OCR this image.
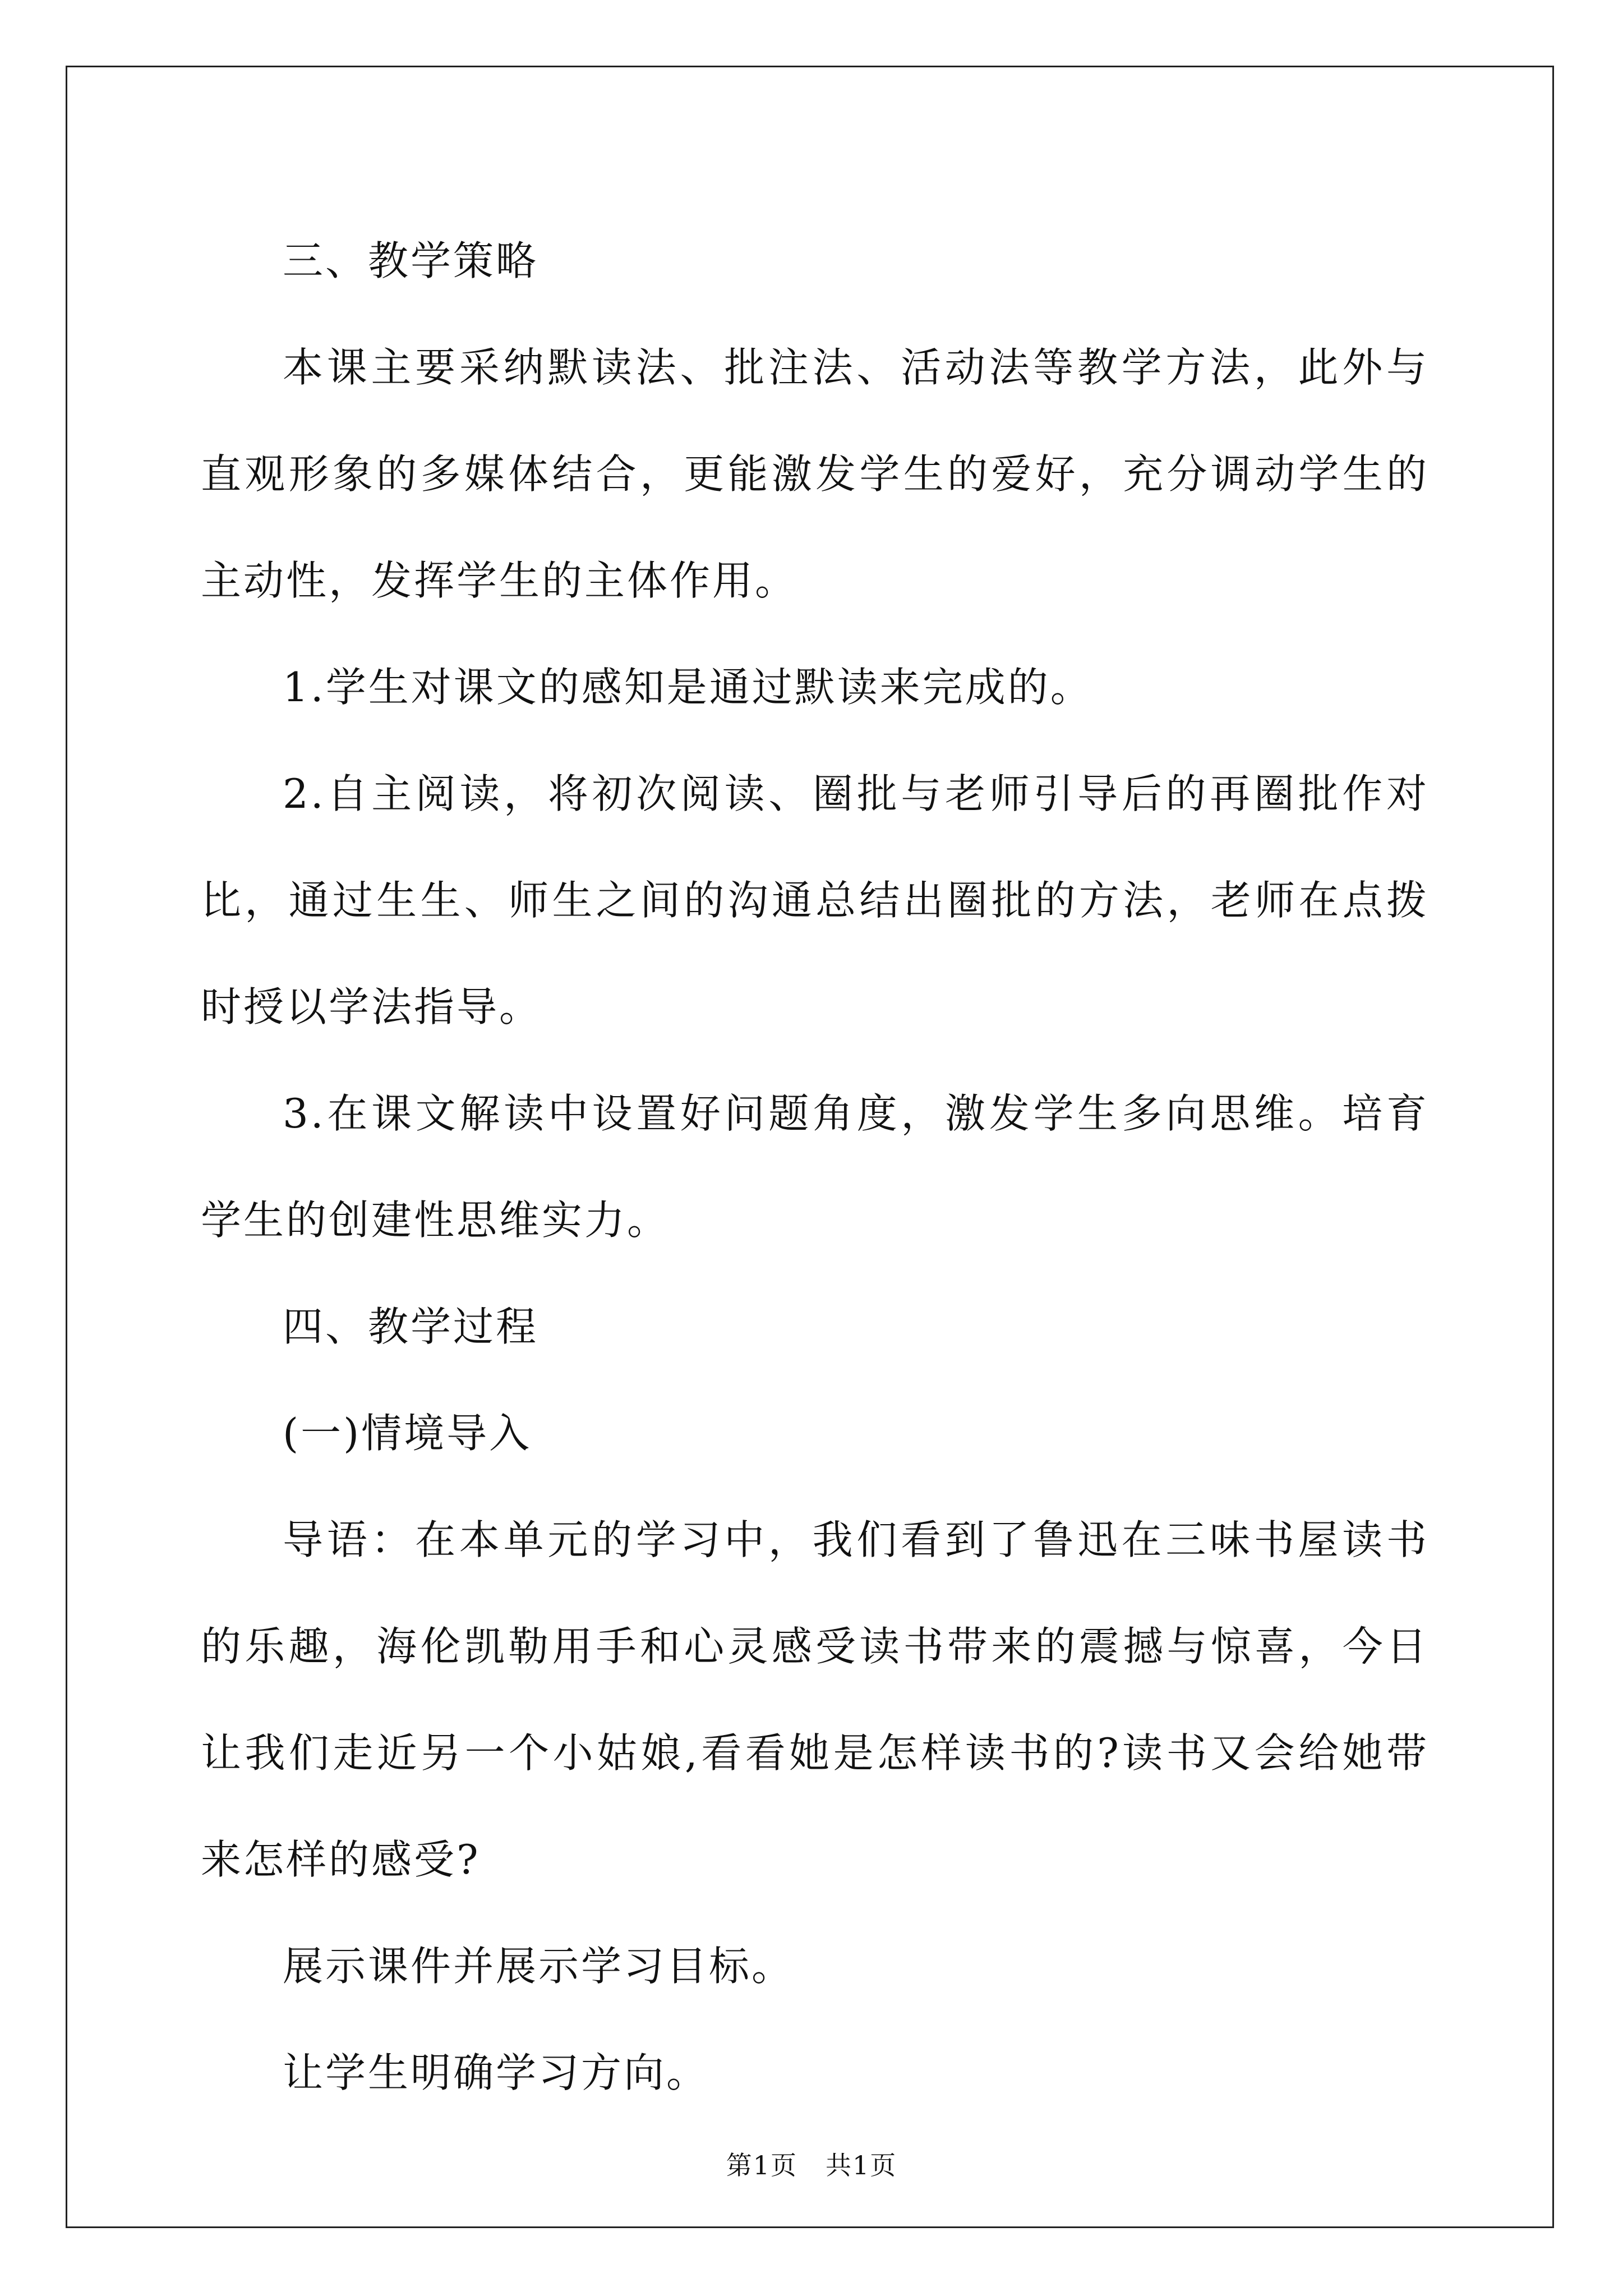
三、教学策略

本课主要采纳默读法、批注法、活动法等教学方法，此外与直观形象的多媒体结合，更能激发学生的爱好，充分调动学生的主动性，发挥学生的主体作用。

1.学生对课文的感知是通过默读来完成的。

2.自主阅读，将初次阅读、圈批与老师引导后的再圈批作对比，通过生生、师生之间的沟通总结出圈批的方法，老师在点拨时授以学法指导。

3.在课文解读中设置好问题角度，激发学生多向思维。培育学生的创建性思维实力。

四、教学过程

(一)情境导入

导语：在本单元的学习中，我们看到了鲁迅在三味书屋读书的乐趣，海伦凯勒用手和心灵感受读书带来的震撼与惊喜，今日让我们走近另一个小姑娘,看看她是怎样读书的?读书又会给她带来怎样的感受?

展示课件并展示学习目标。

让学生明确学习方向。

第1页 共1页
